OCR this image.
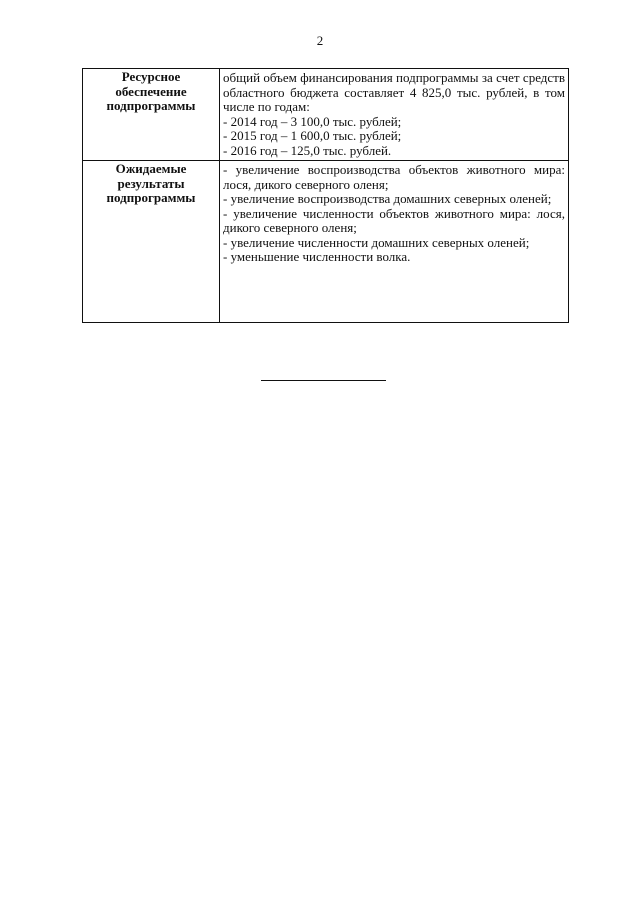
2
Ресурсное обеспечение подпрограммы	общий объем финансирования подпрограммы за счет средств областного бюджета составляет 4 825,0 тыс. рублей, в том числе по годам:

- 2014 год – 3 100,0 тыс. рублей;

- 2015 год – 1 600,0 тыс. рублей;

- 2016 год – 125,0 тыс. рублей.

Ожидаемые результаты подпрограммы	- увеличение воспроизводства объектов животного мира: лося, дикого северного оленя;

- увеличение воспроизводства домашних северных оленей;

- увеличение численности объектов животного мира: лося, дикого северного оленя;

- увеличение численности домашних северных оленей;

- уменьшение численности волка.
